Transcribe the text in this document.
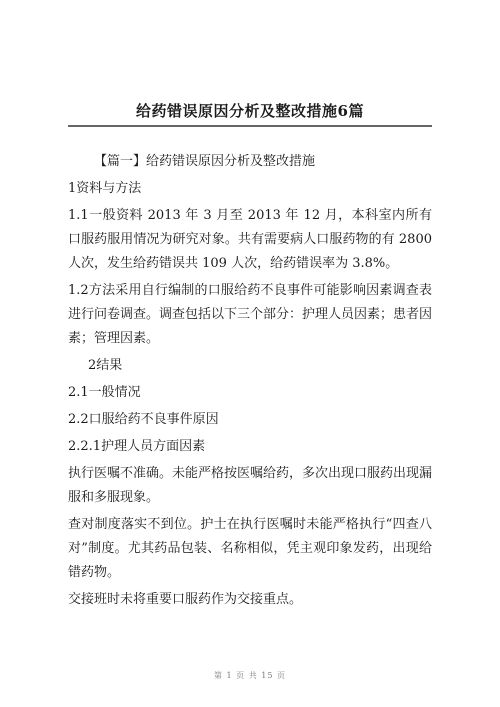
给药错误原因分析及整改措施6篇
【篇一】给药错误原因分析及整改措施
1资料与方法
1.1一般资料 2013 年 3 月至 2013 年 12 月，本科室内所有
口服药服用情况为研究对象。共有需要病人口服药物的有 2800
人次，发生给药错误共 109 人次，给药错误率为 3.8%。
1.2方法采用自行编制的口服给药不良事件可能影响因素调查表
进行问卷调查。调查包括以下三个部分：护理人员因素；患者因
素；管理因素。
2结果
2.1一般情况
2.2口服给药不良事件原因
2.2.1护理人员方面因素
执行医嘱不准确。未能严格按医嘱给药，多次出现口服药出现漏
服和多服现象。
查对制度落实不到位。护士在执行医嘱时未能严格执行“四查八
对”制度。尤其药品包装、名称相似，凭主观印象发药，出现给
错药物。
交接班时未将重要口服药作为交接重点。
第 1 页 共 15 页
